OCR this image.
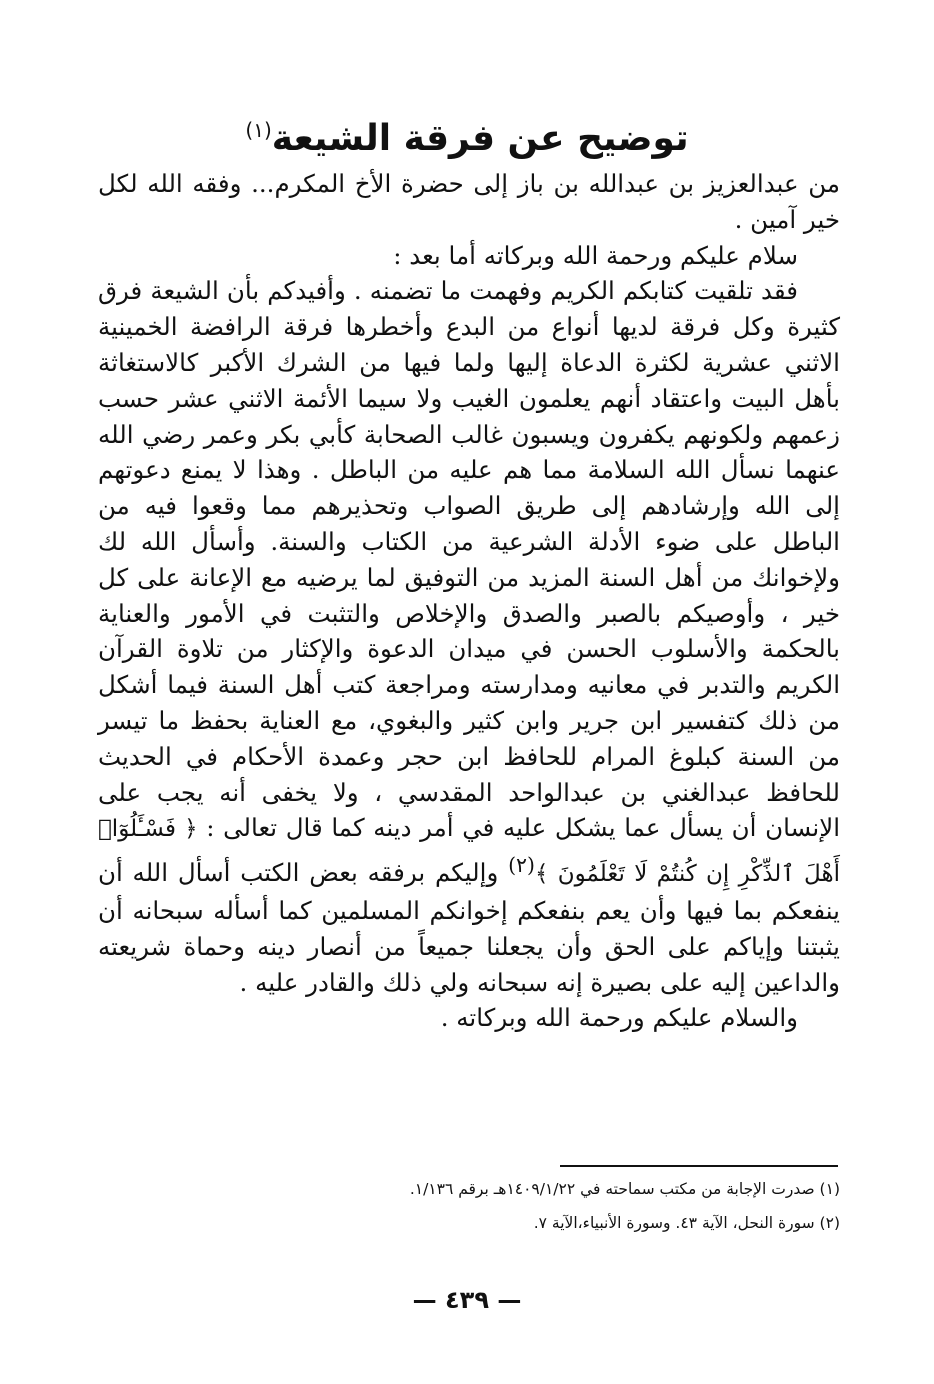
توضيح عن فرقة الشيعة$^{(١)}$

من عبدالعزيز بن عبدالله بن باز إلى حضرة الأخ المكرم... وفقه الله لكل خير آمين .

سلام عليكم ورحمة الله وبركاته أما بعد :

فقد تلقيت كتابكم الكريم وفهمت ما تضمنه . وأفيدكم بأن الشيعة فرق كثيرة وكل فرقة لديها أنواع من البدع وأخطرها فرقة الرافضة الخمينية الاثني عشرية لكثرة الدعاة إليها ولما فيها من الشرك الأكبر كالاستغاثة بأهل البيت واعتقاد أنهم يعلمون الغيب ولا سيما الأئمة الاثني عشر حسب زعمهم ولكونهم يكفرون ويسبون غالب الصحابة كأبي بكر وعمر رضي الله عنهما نسأل الله السلامة مما هم عليه من الباطل . وهذا لا يمنع دعوتهم إلى الله وإرشادهم إلى طريق الصواب وتحذيرهم مما وقعوا فيه من الباطل على ضوء الأدلة الشرعية من الكتاب والسنة. وأسأل الله لك ولإخوانك من أهل السنة المزيد من التوفيق لما يرضيه مع الإعانة على كل خير ، وأوصيكم بالصبر والصدق والإخلاص والتثبت في الأمور والعناية بالحكمة والأسلوب الحسن في ميدان الدعوة والإكثار من تلاوة القرآن الكريم والتدبر في معانيه ومدارسته ومراجعة كتب أهل السنة فيما أشكل من ذلك كتفسير ابن جرير وابن كثير والبغوي، مع العناية بحفظ ما تيسر من السنة كبلوغ المرام للحافظ ابن حجر وعمدة الأحكام في الحديث للحافظ عبدالغني بن عبدالواحد المقدسي ، ولا يخفى أنه يجب على الإنسان أن يسأل عما يشكل عليه في أمر دينه كما قال تعالى : ﴿ فَسْـَٔلُوٓا۟ أَهْلَ ٱلذِّكْرِ إِن كُنتُمْ لَا تَعْلَمُونَ ﴾$^{(٢)}$ وإليكم برفقه بعض الكتب أسأل الله أن ينفعكم بما فيها وأن يعم بنفعكم إخوانكم المسلمين كما أسأله سبحانه أن يثبتنا وإياكم على الحق وأن يجعلنا جميعاً من أنصار دينه وحماة شريعته والداعين إليه على بصيرة إنه سبحانه ولي ذلك والقادر عليه .

والسلام عليكم ورحمة الله وبركاته .

(١) صدرت الإجابة من مكتب سماحته في ١٤٠٩/١/٢٢هـ برقم ١/١٣٦.
(٢) سورة النحل، الآية ٤٣. وسورة الأنبياء،الآية ٧.
— ٤٣٩ —
